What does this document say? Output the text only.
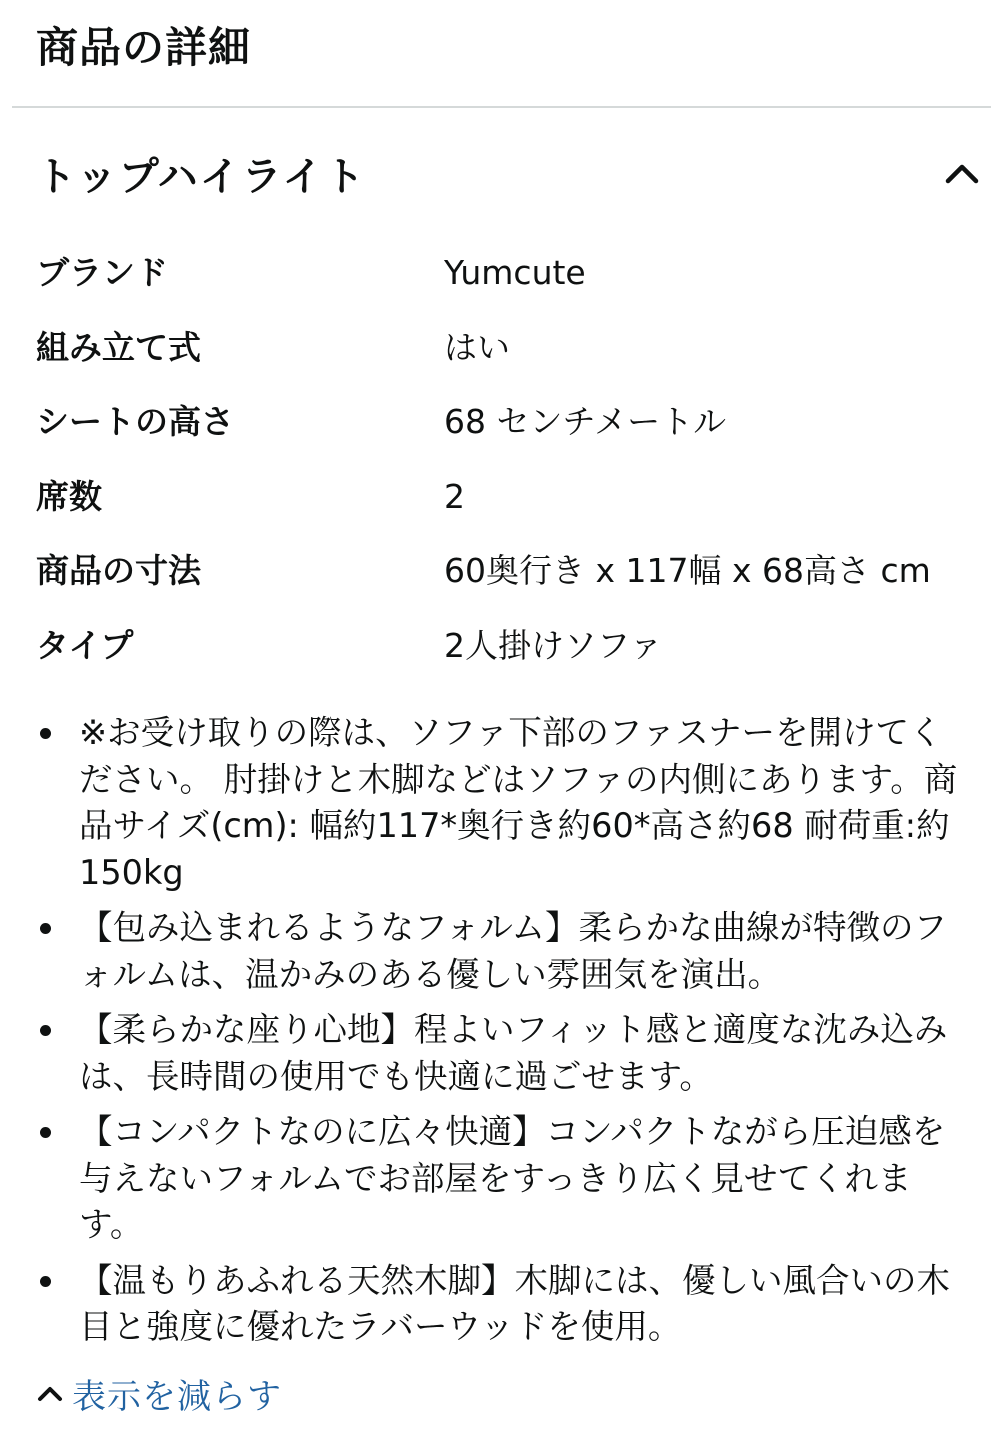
商品の詳細
トップハイライト
ブランド	Yumcute
組み立て式	はい
シートの高さ	68 センチメートル
席数	2
商品の寸法	60奥行き x 117幅 x 68高さ cm
タイプ	2人掛けソファ
※お受け取りの際は、ソファ下部のファスナーを開けてください。 肘掛けと木脚などはソファの内側にあります。商品サイズ(cm): 幅約117*奥行き約60*高さ約68 耐荷重:約150kg
【包み込まれるようなフォルム】柔らかな曲線が特徴のフォルムは、温かみのある優しい雰囲気を演出。
【柔らかな座り心地】程よいフィット感と適度な沈み込みは、長時間の使用でも快適に過ごせます。
【コンパクトなのに広々快適】コンパクトながら圧迫感を与えないフォルムでお部屋をすっきり広く見せてくれます。
【温もりあふれる天然木脚】木脚には、優しい風合いの木目と強度に優れたラバーウッドを使用。
表示を減らす
